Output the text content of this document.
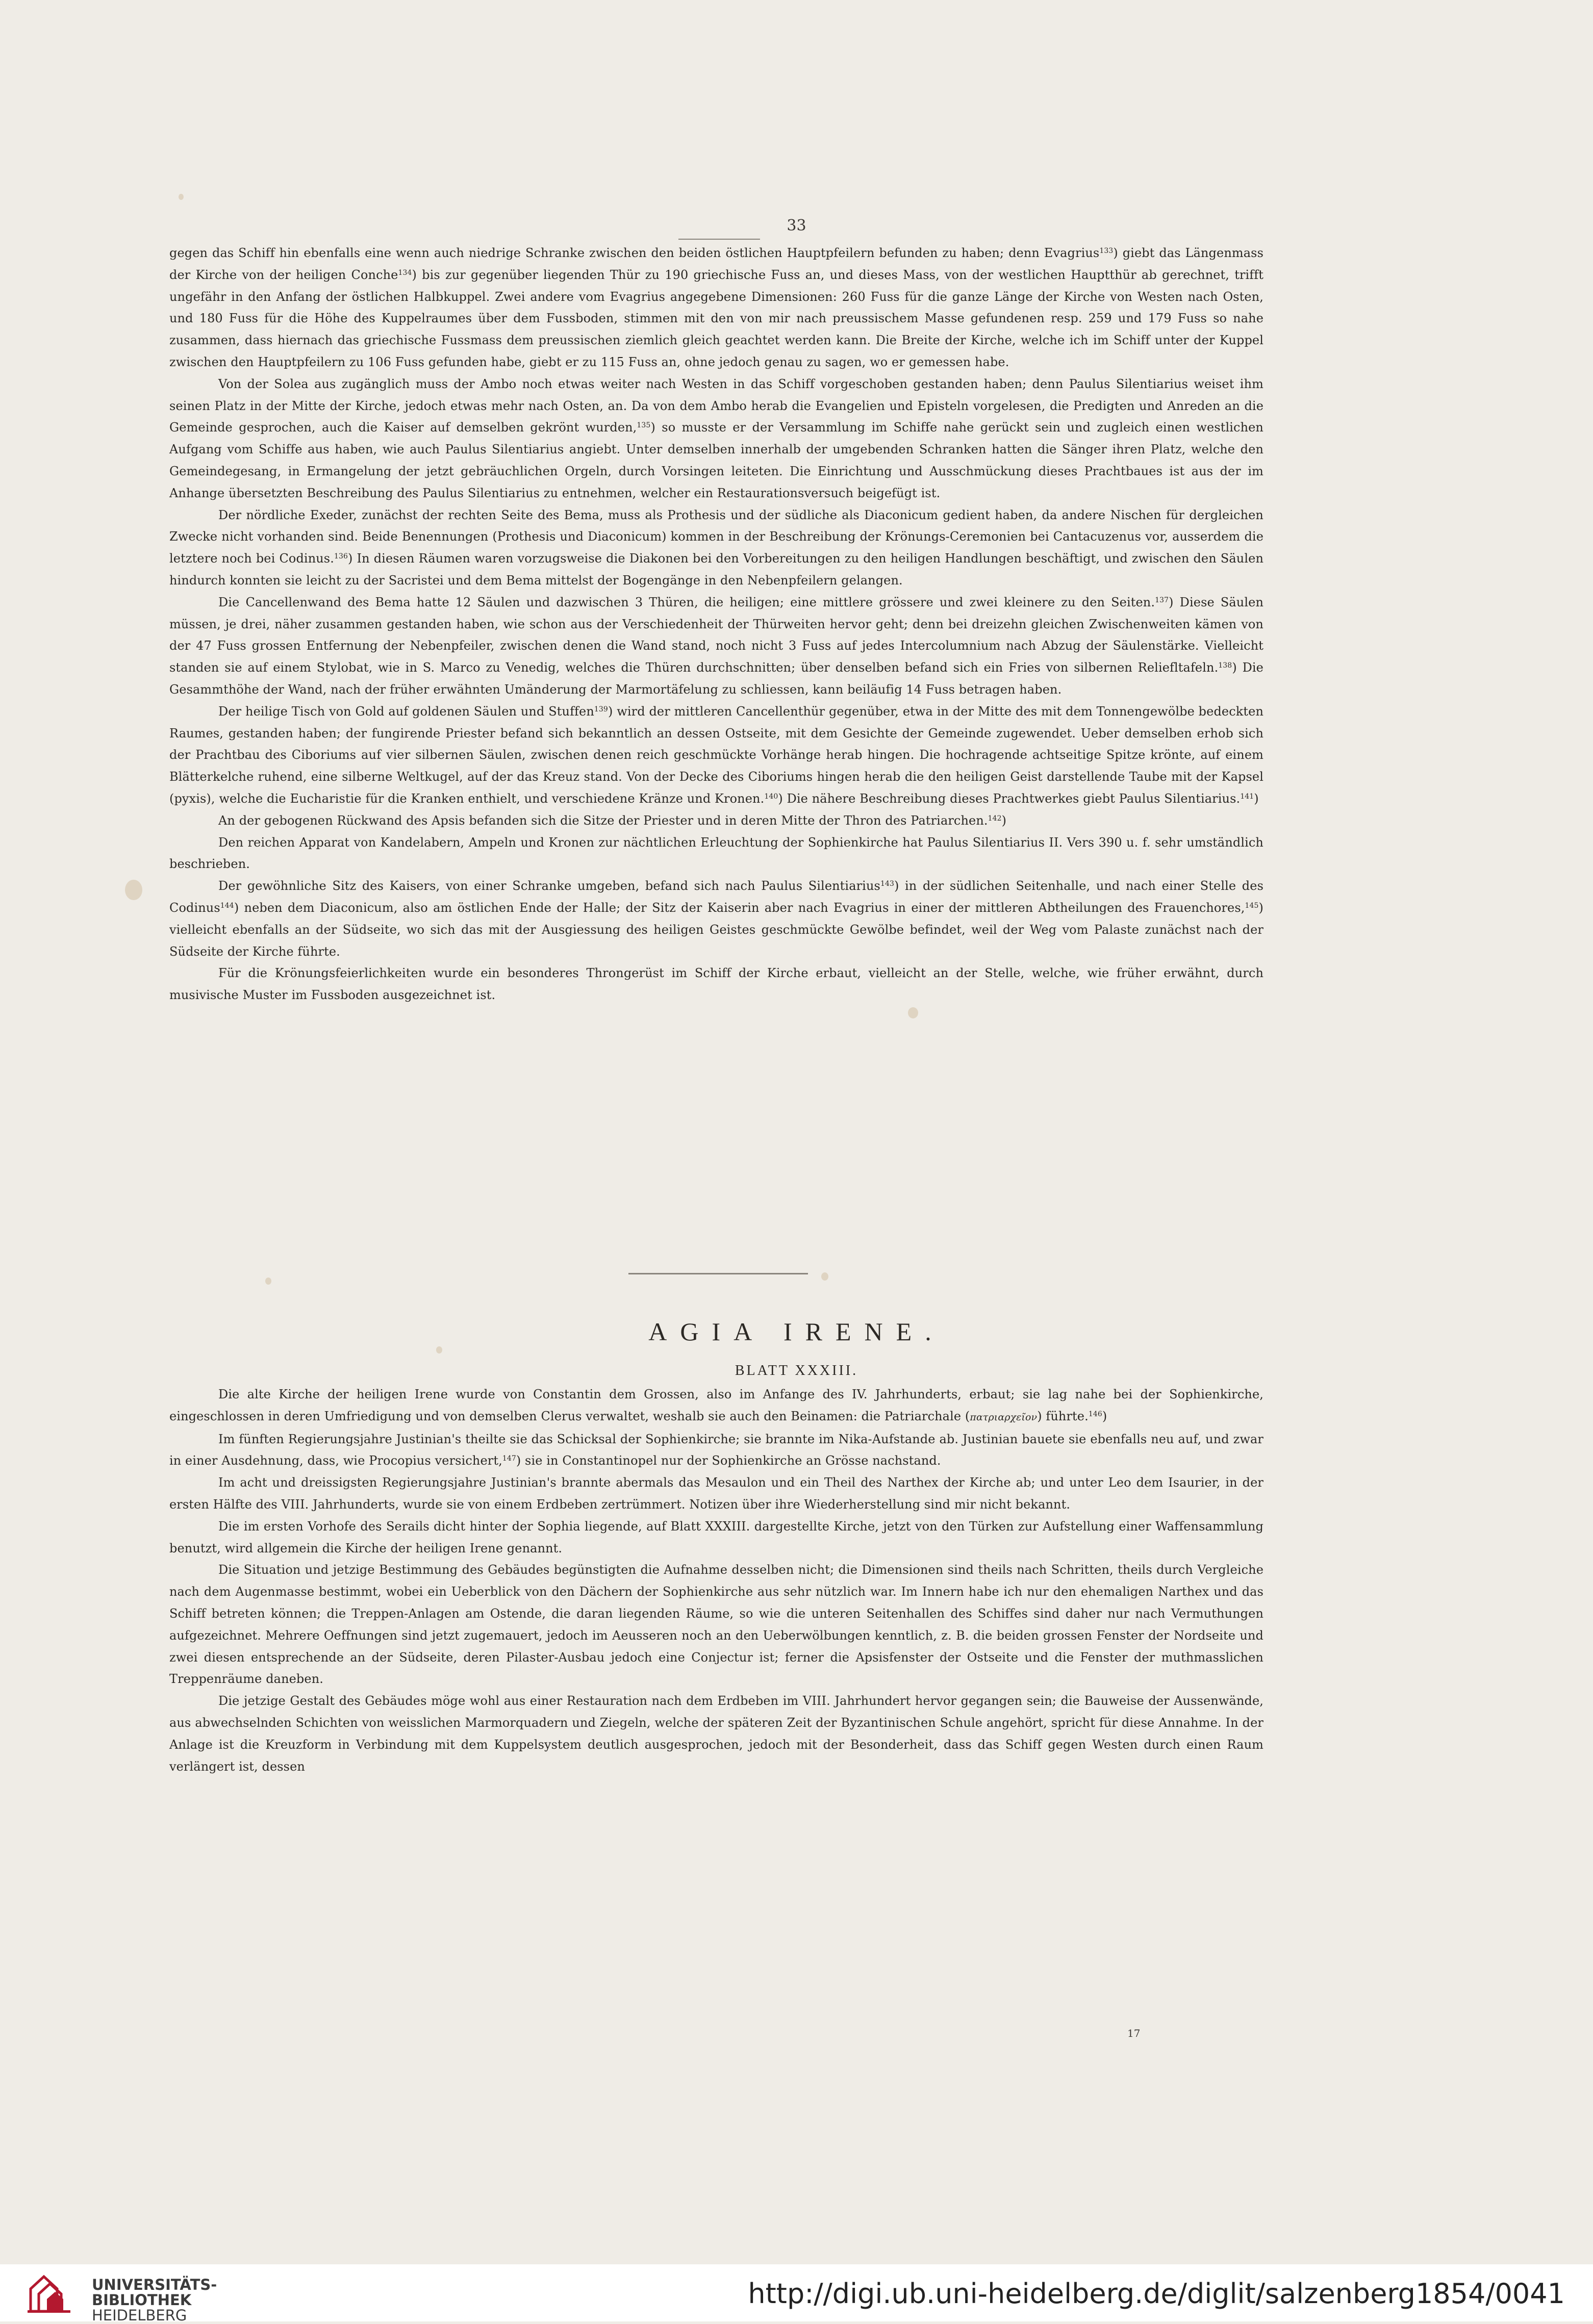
33

gegen das Schiff hin ebenfalls eine wenn auch niedrige Schranke zwischen den beiden östlichen Hauptpfeilern befunden zu haben; denn Evagrius$^{133}$) giebt das Längenmass der Kirche von der heiligen Conche$^{134}$) bis zur gegenüber liegenden Thür zu 190 griechische Fuss an, und dieses Mass, von der westlichen Hauptthür ab gerechnet, trifft ungefähr in den Anfang der östlichen Halbkuppel. Zwei andere vom Evagrius angegebene Dimensionen: 260 Fuss für die ganze Länge der Kirche von Westen nach Osten, und 180 Fuss für die Höhe des Kuppelraumes über dem Fussboden, stimmen mit den von mir nach preussischem Masse gefundenen resp. 259 und 179 Fuss so nahe zusammen, dass hiernach das griechische Fussmass dem preussischen ziemlich gleich geachtet werden kann. Die Breite der Kirche, welche ich im Schiff unter der Kuppel zwischen den Hauptpfeilern zu 106 Fuss gefunden habe, giebt er zu 115 Fuss an, ohne jedoch genau zu sagen, wo er gemessen habe.

Von der Solea aus zugänglich muss der Ambo noch etwas weiter nach Westen in das Schiff vorgeschoben gestanden haben; denn Paulus Silentiarius weiset ihm seinen Platz in der Mitte der Kirche, jedoch etwas mehr nach Osten, an. Da von dem Ambo herab die Evangelien und Episteln vorgelesen, die Predigten und Anreden an die Gemeinde gesprochen, auch die Kaiser auf demselben gekrönt wurden,$^{135}$) so musste er der Versammlung im Schiffe nahe gerückt sein und zugleich einen westlichen Aufgang vom Schiffe aus haben, wie auch Paulus Silentiarius angiebt. Unter demselben innerhalb der umgebenden Schranken hatten die Sänger ihren Platz, welche den Gemeindegesang, in Ermangelung der jetzt gebräuchlichen Orgeln, durch Vorsingen leiteten. Die Einrichtung und Ausschmückung dieses Prachtbaues ist aus der im Anhange übersetzten Beschreibung des Paulus Silentiarius zu entnehmen, welcher ein Restaurationsversuch beigefügt ist.

Der nördliche Exeder, zunächst der rechten Seite des Bema, muss als Prothesis und der südliche als Diaconicum gedient haben, da andere Nischen für dergleichen Zwecke nicht vorhanden sind. Beide Benennungen (Prothesis und Diaconicum) kommen in der Beschreibung der Krönungs-Ceremonien bei Cantacuzenus vor, ausserdem die letztere noch bei Codinus.$^{136}$) In diesen Räumen waren vorzugsweise die Diakonen bei den Vorbereitungen zu den heiligen Handlungen beschäftigt, und zwischen den Säulen hindurch konnten sie leicht zu der Sacristei und dem Bema mittelst der Bogengänge in den Nebenpfeilern gelangen.

Die Cancellenwand des Bema hatte 12 Säulen und dazwischen 3 Thüren, die heiligen; eine mittlere grössere und zwei kleinere zu den Seiten.$^{137}$) Diese Säulen müssen, je drei, näher zusammen gestanden haben, wie schon aus der Verschiedenheit der Thürweiten hervor geht; denn bei dreizehn gleichen Zwischenweiten kämen von der 47 Fuss grossen Entfernung der Nebenpfeiler, zwischen denen die Wand stand, noch nicht 3 Fuss auf jedes Intercolumnium nach Abzug der Säulenstärke. Vielleicht standen sie auf einem Stylobat, wie in S. Marco zu Venedig, welches die Thüren durchschnitten; über denselben befand sich ein Fries von silbernen Reliefltafeln.$^{138}$) Die Gesammthöhe der Wand, nach der früher erwähnten Umänderung der Marmortäfelung zu schliessen, kann beiläufig 14 Fuss betragen haben.

Der heilige Tisch von Gold auf goldenen Säulen und Stuffen$^{139}$) wird der mittleren Cancellenthür gegenüber, etwa in der Mitte des mit dem Tonnengewölbe bedeckten Raumes, gestanden haben; der fungirende Priester befand sich bekanntlich an dessen Ostseite, mit dem Gesichte der Gemeinde zugewendet. Ueber demselben erhob sich der Prachtbau des Ciboriums auf vier silbernen Säulen, zwischen denen reich geschmückte Vorhänge herab hingen. Die hochragende achtseitige Spitze krönte, auf einem Blätterkelche ruhend, eine silberne Weltkugel, auf der das Kreuz stand. Von der Decke des Ciboriums hingen herab die den heiligen Geist darstellende Taube mit der Kapsel (pyxis), welche die Eucharistie für die Kranken enthielt, und verschiedene Kränze und Kronen.$^{140}$) Die nähere Beschreibung dieses Prachtwerkes giebt Paulus Silentiarius.$^{141}$)

An der gebogenen Rückwand des Apsis befanden sich die Sitze der Priester und in deren Mitte der Thron des Patriarchen.$^{142}$)

Den reichen Apparat von Kandelabern, Ampeln und Kronen zur nächtlichen Erleuchtung der Sophienkirche hat Paulus Silentiarius II. Vers 390 u. f. sehr umständlich beschrieben.

Der gewöhnliche Sitz des Kaisers, von einer Schranke umgeben, befand sich nach Paulus Silentiarius$^{143}$) in der südlichen Seitenhalle, und nach einer Stelle des Codinus$^{144}$) neben dem Diaconicum, also am östlichen Ende der Halle; der Sitz der Kaiserin aber nach Evagrius in einer der mittleren Abtheilungen des Frauenchores,$^{145}$) vielleicht ebenfalls an der Südseite, wo sich das mit der Ausgiessung des heiligen Geistes geschmückte Gewölbe befindet, weil der Weg vom Palaste zunächst nach der Südseite der Kirche führte.

Für die Krönungsfeierlichkeiten wurde ein besonderes Throngerüst im Schiff der Kirche erbaut, vielleicht an der Stelle, welche, wie früher erwähnt, durch musivische Muster im Fussboden ausgezeichnet ist.

AGIA IRENE.
BLATT XXXIII.

Die alte Kirche der heiligen Irene wurde von Constantin dem Grossen, also im Anfange des IV. Jahrhunderts, erbaut; sie lag nahe bei der Sophienkirche, eingeschlossen in deren Umfriedigung und von demselben Clerus verwaltet, weshalb sie auch den Beinamen: die Patriarchale (πατριαρχεῖον) führte.$^{146}$)

Im fünften Regierungsjahre Justinian's theilte sie das Schicksal der Sophienkirche; sie brannte im Nika-Aufstande ab. Justinian bauete sie ebenfalls neu auf, und zwar in einer Ausdehnung, dass, wie Procopius versichert,$^{147}$) sie in Constantinopel nur der Sophienkirche an Grösse nachstand.

Im acht und dreissigsten Regierungsjahre Justinian's brannte abermals das Mesaulon und ein Theil des Narthex der Kirche ab; und unter Leo dem Isaurier, in der ersten Hälfte des VIII. Jahrhunderts, wurde sie von einem Erdbeben zertrümmert. Notizen über ihre Wiederherstellung sind mir nicht bekannt.

Die im ersten Vorhofe des Serails dicht hinter der Sophia liegende, auf Blatt XXXIII. dargestellte Kirche, jetzt von den Türken zur Aufstellung einer Waffensammlung benutzt, wird allgemein die Kirche der heiligen Irene genannt.

Die Situation und jetzige Bestimmung des Gebäudes begünstigten die Aufnahme desselben nicht; die Dimensionen sind theils nach Schritten, theils durch Vergleiche nach dem Augenmasse bestimmt, wobei ein Ueberblick von den Dächern der Sophienkirche aus sehr nützlich war. Im Innern habe ich nur den ehemaligen Narthex und das Schiff betreten können; die Treppen-Anlagen am Ostende, die daran liegenden Räume, so wie die unteren Seitenhallen des Schiffes sind daher nur nach Vermuthungen aufgezeichnet. Mehrere Oeffnungen sind jetzt zugemauert, jedoch im Aeusseren noch an den Ueberwölbungen kenntlich, z. B. die beiden grossen Fenster der Nordseite und zwei diesen entsprechende an der Südseite, deren Pilaster-Ausbau jedoch eine Conjectur ist; ferner die Apsisfenster der Ostseite und die Fenster der muthmasslichen Treppenräume daneben.

Die jetzige Gestalt des Gebäudes möge wohl aus einer Restauration nach dem Erdbeben im VIII. Jahrhundert hervor gegangen sein; die Bauweise der Aussenwände, aus abwechselnden Schichten von weisslichen Marmorquadern und Ziegeln, welche der späteren Zeit der Byzantinischen Schule angehört, spricht für diese Annahme. In der Anlage ist die Kreuzform in Verbindung mit dem Kuppelsystem deutlich ausgesprochen, jedoch mit der Besonderheit, dass das Schiff gegen Westen durch einen Raum verlängert ist, dessen

17
UNIVERSITÄTS-
BIBLIOTHEK
HEIDELBERG
http://digi.ub.uni-heidelberg.de/diglit/salzenberg1854/0041
